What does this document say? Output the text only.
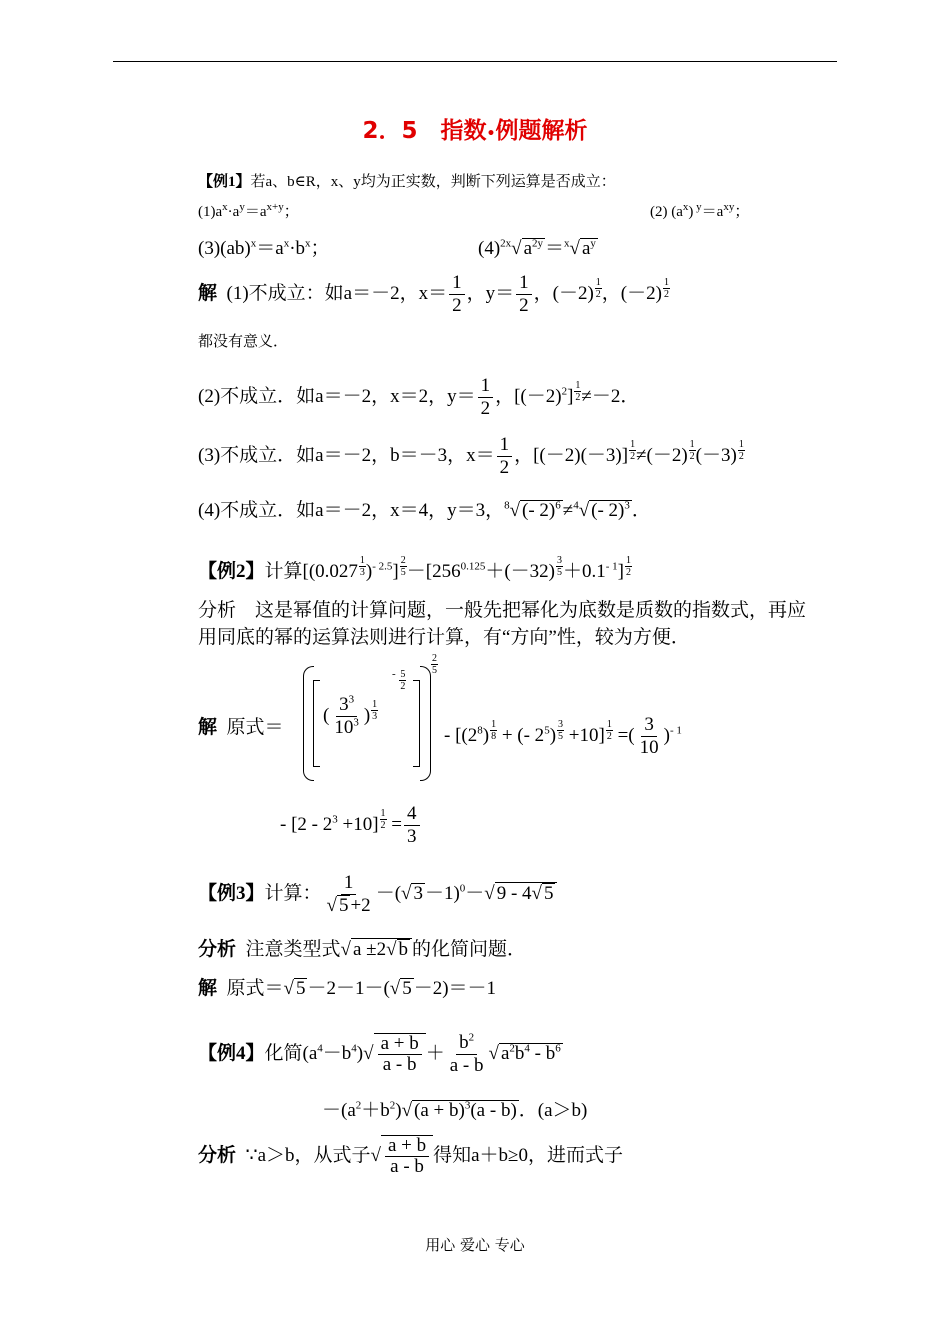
2．5　指数•例题解析
【例1】若a、b∈R，x、y均为正实数，判断下列运算是否成立：
$(1)a^x\cdot a^y=a^{x+y}$；	(2) $(a^x)$ $^y=a^{xy}$；
$(3)(ab)^x=a^x\cdot b^x$；	$(4)^{2x}√$ $a^{2y} =^x√$ $a^y$
解  (1)不成立：如a＝－2，$x= \frac{1}{2}$ ，$y= \frac{1}{2}$ ，$(-2) \frac{1}{2}$ ，$(-2) \frac{1}{2}$
都没有意义．
(2)不成立．如a＝－2，x＝2，$y= \frac{1}{2}$ ，$[(-2)^2] \frac{1}{2} \ne-2$．
(3)不成立．如a＝－2，b＝－3，$x= \frac{1}{2}$ ，$[(-2)(-3)] \frac{1}{2} \ne(-2) \frac{1}{2} (-3) \frac{1}{2}$
(4)不成立．如a＝－2，x＝4，y＝3，$^8$√ (- 2)$^6$ ≠$^4$√ (- 2)$^3$ ．
【例2】计算$[(0.027 \frac{1}{3} )^{- 2.5}] \frac{2}{5} -[256^{0.125}+(-32) \frac{3}{5} +0.1^{- 1}] \frac{1}{2}$
分析　这是幂值的计算问题，一般先把幂化为底数是质数的指数式，再应
用同底的幂的运算法则进行计算，有“方向”性，较为方便．
解  原式＝
( $\frac{3^3}{10^3}$ ) $\frac{1}{3}$
- $\frac{5}{2}$
$\frac{2}{5}$
- [$(2^8) \frac{1}{8}$ + (- $2^5) \frac{3}{5} +10] \frac{1}{2}$ =( $\frac{3}{10} )^{- 1}$
- $[2 - 2^3 +10] \frac{1}{2} = \frac{4}{3}$
【例3】计算： $\frac{1}{√ 5 +2}$ －(√ 3 －1)$^0$－√ 9 - 4√ 5
分析  注意类型式√ a ±2√ b 的化简问题．
解  原式＝√ 5 －2－1－(√ 5 －2)＝－1
【例4】化简$(a^4-b^4)√ \frac{a + b}{a - b} + \frac{b^2}{a - b}$ √ $a^2b^4 - b^6$
$-(a^2+b^2)√$ $(a + b)^3(a - b)$ ．(a＞b)
分析  ∵a＞b，从式子√ $\frac{a + b}{a - b}$ 得知a＋b≥0，进而式子
用心 爱心 专心
